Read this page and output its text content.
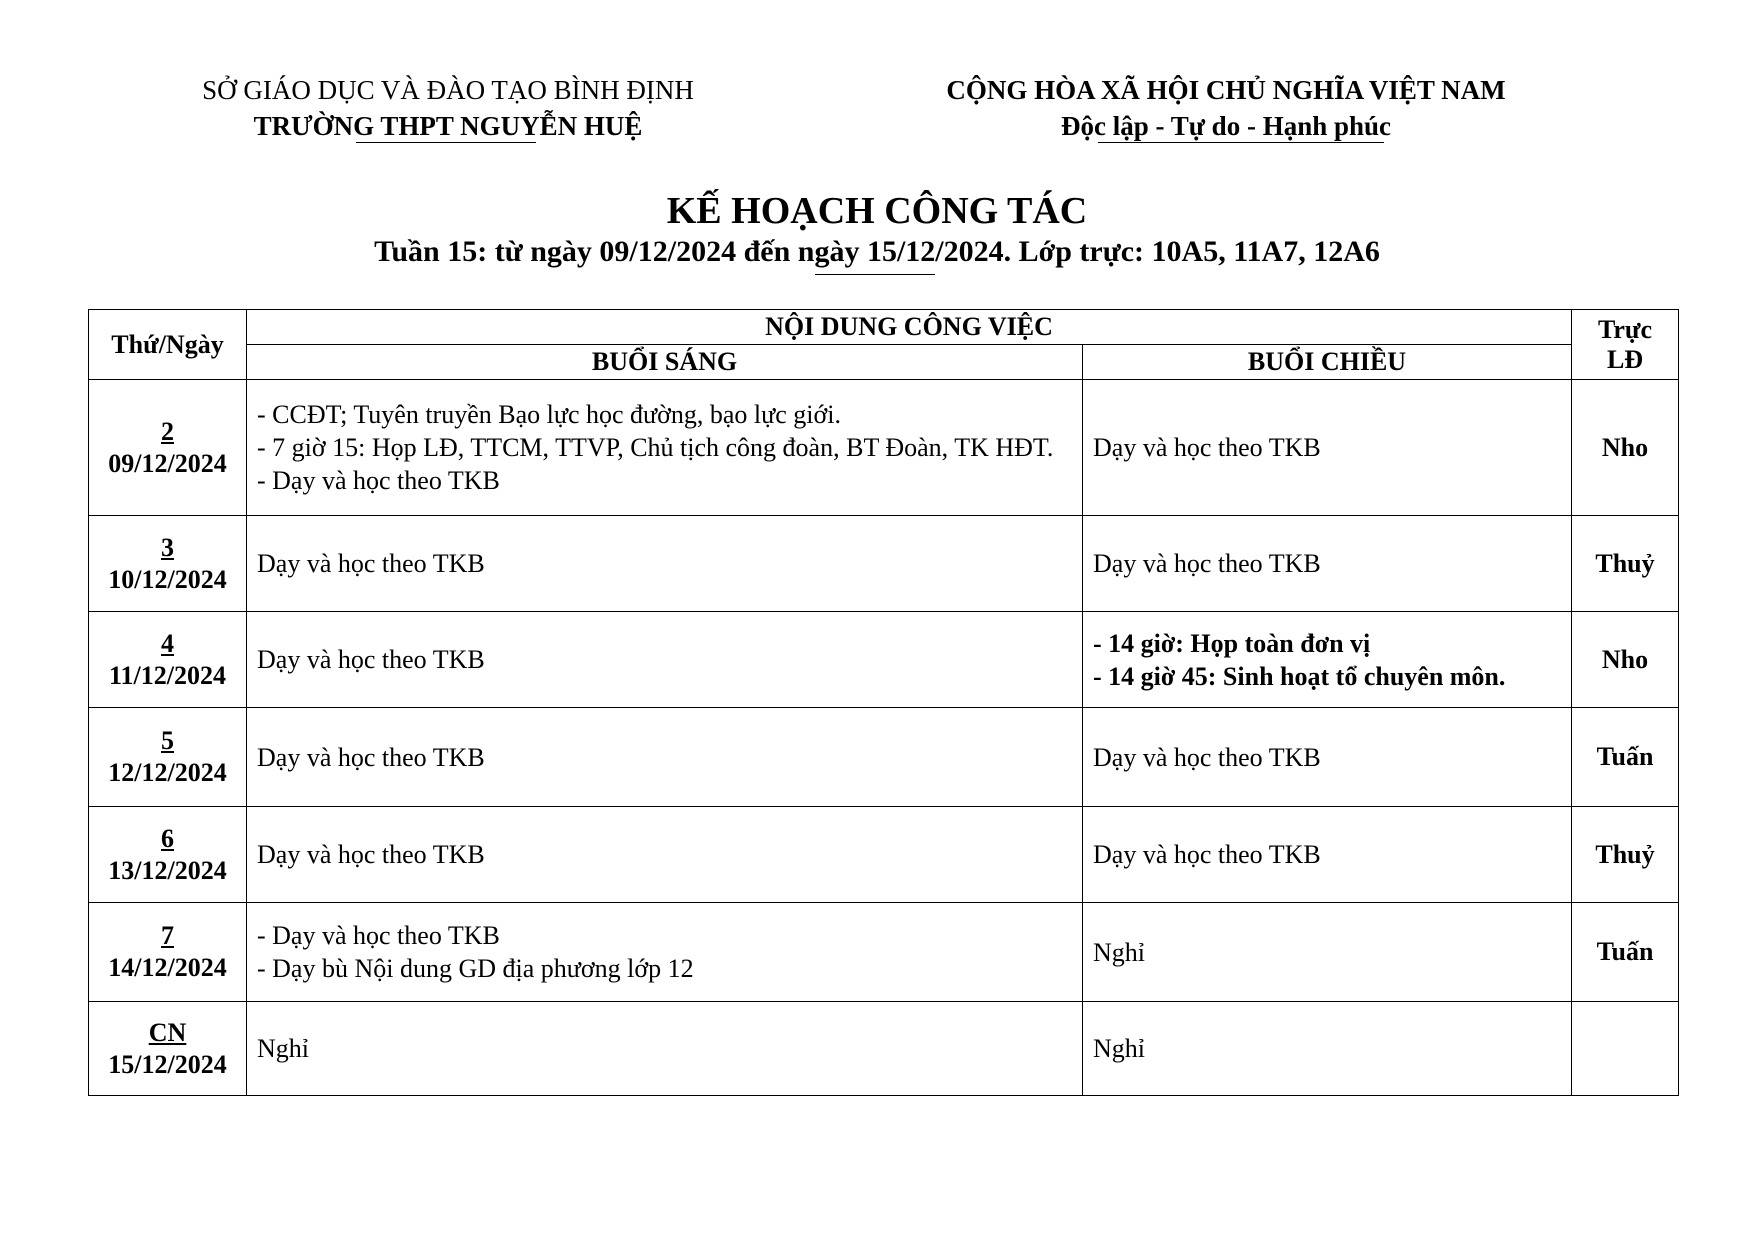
SỞ GIÁO DỤC VÀ ĐÀO TẠO BÌNH ĐỊNH
TRƯỜNG THPT NGUYỄN HUỆ
CỘNG HÒA XÃ HỘI CHỦ NGHĨA VIỆT NAM
Độc lập - Tự do - Hạnh phúc
KẾ HOẠCH CÔNG TÁC
Tuần 15: từ ngày 09/12/2024 đến ngày 15/12/2024. Lớp trực: 10A5, 11A7, 12A6
Thứ/Ngày	NỘI DUNG CÔNG VIỆC		Trực
LĐ

	BUỔI SÁNG	BUỔI CHIỀU	

2
09/12/2024	- CCĐT; Tuyên truyền Bạo lực học đường, bạo lực giới.
- 7 giờ 15: Họp LĐ, TTCM, TTVP, Chủ tịch công đoàn, BT Đoàn, TK HĐT.
- Dạy và học theo TKB	Dạy và học theo TKB	Nho

3
10/12/2024	Dạy và học theo TKB	Dạy và học theo TKB	Thuỷ

4
11/12/2024	Dạy và học theo TKB	- 14 giờ: Họp toàn đơn vị
- 14 giờ 45: Sinh hoạt tổ chuyên môn.	Nho

5
12/12/2024	Dạy và học theo TKB	Dạy và học theo TKB	Tuấn

6
13/12/2024	Dạy và học theo TKB	Dạy và học theo TKB	Thuỷ

7
14/12/2024	- Dạy và học theo TKB
- Dạy bù Nội dung GD địa phương lớp 12	Nghỉ	Tuấn

CN
15/12/2024	Nghỉ	Nghỉ	
